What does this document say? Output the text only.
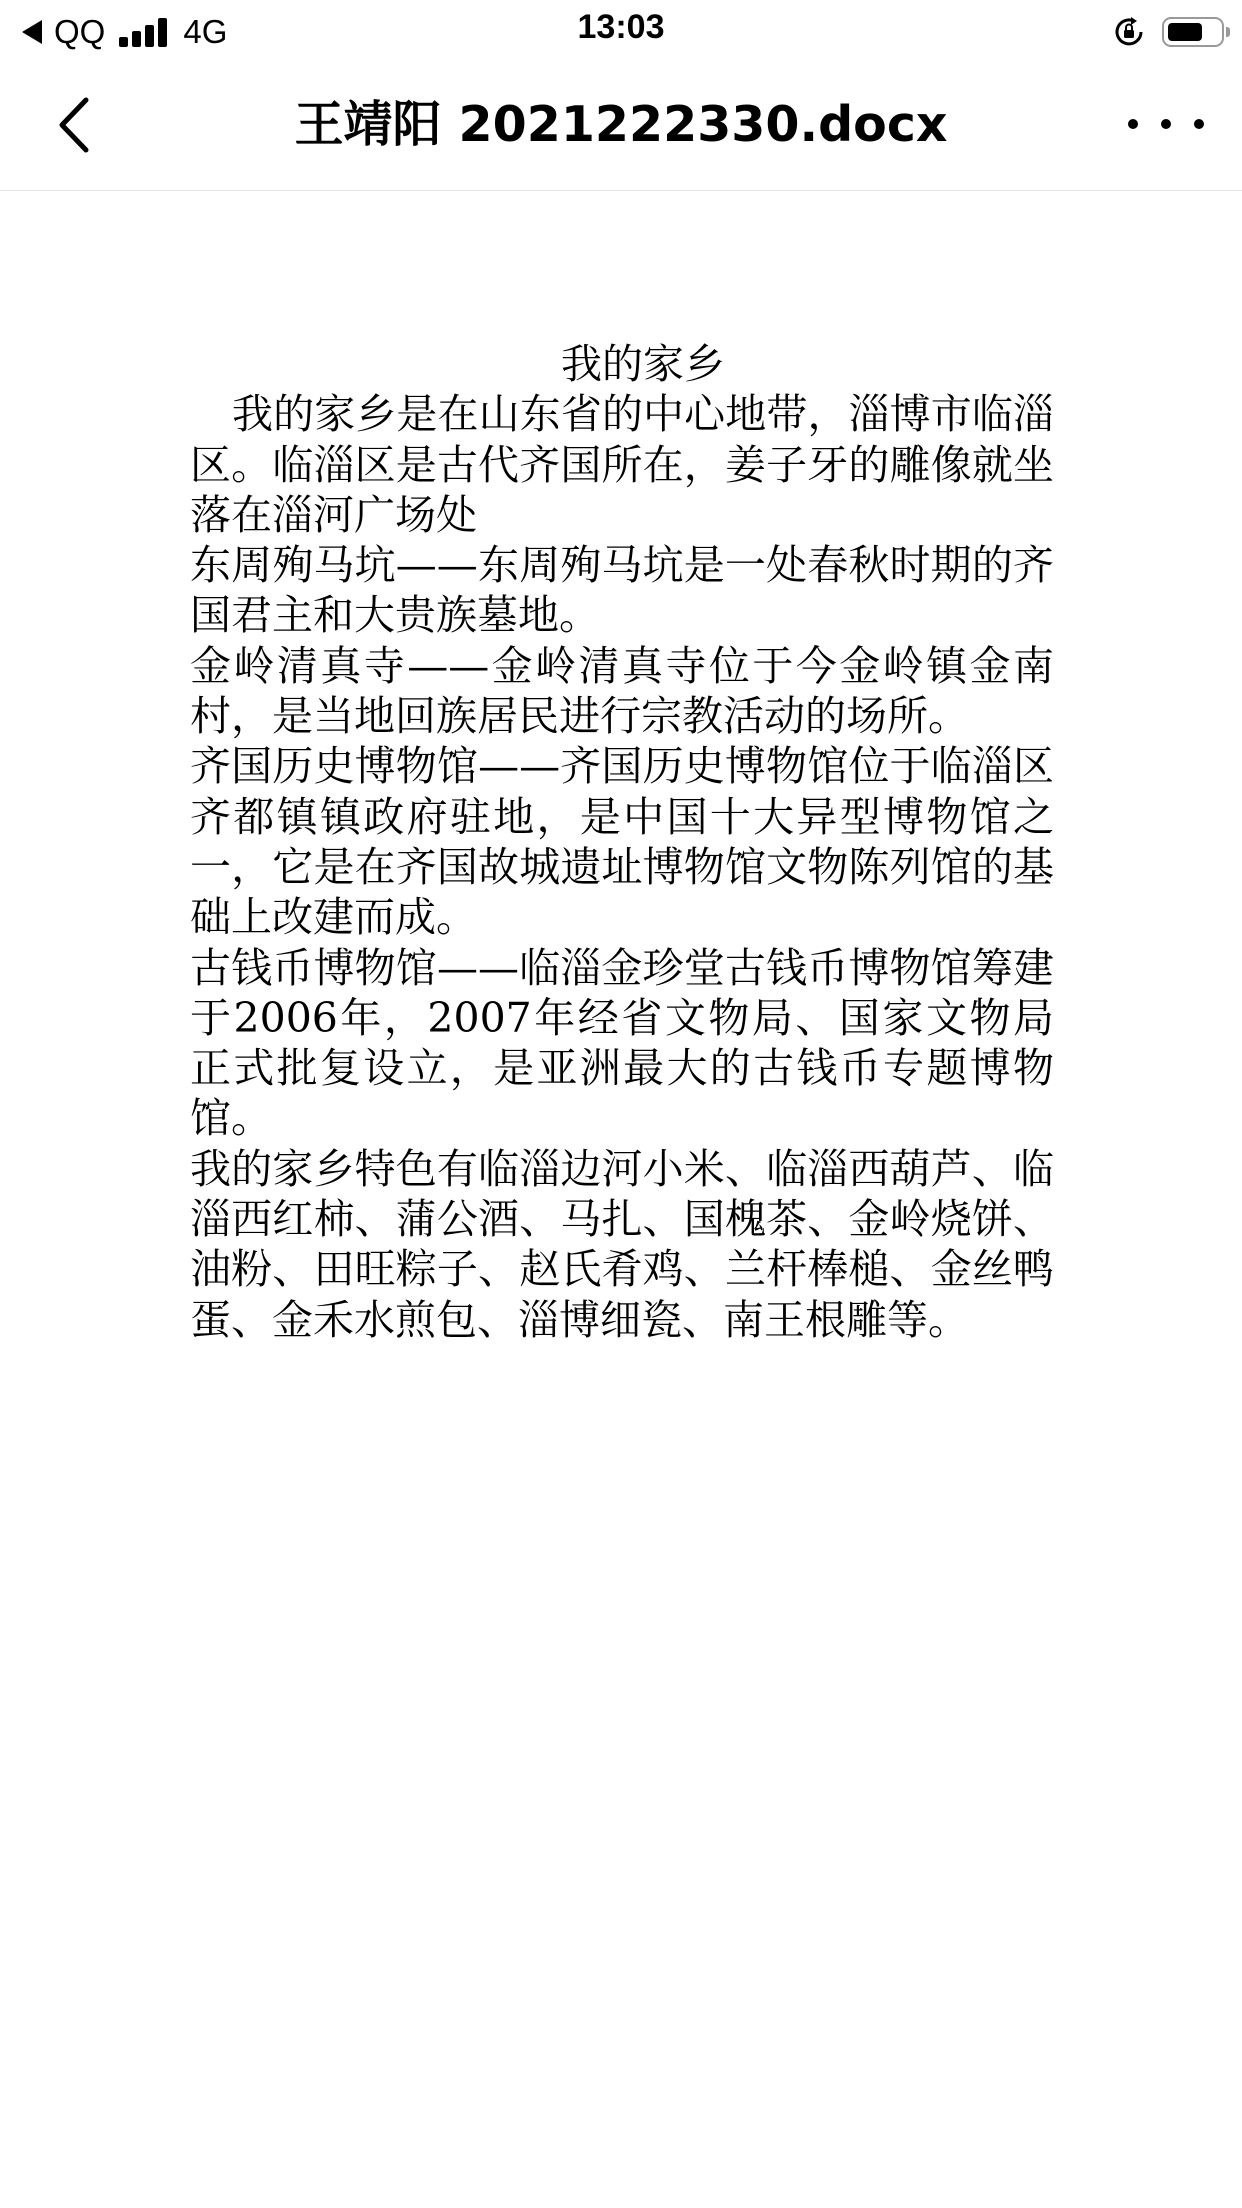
QQ 4G	13:03
王靖阳 2021222330.docx

我的家乡

我的家乡是在山东省的中心地带，淄博市临淄区。临淄区是古代齐国所在，姜子牙的雕像就坐落在淄河广场处

东周殉马坑——东周殉马坑是一处春秋时期的齐国君主和大贵族墓地。

金岭清真寺——金岭清真寺位于今金岭镇金南村，是当地回族居民进行宗教活动的场所。

齐国历史博物馆——齐国历史博物馆位于临淄区齐都镇镇政府驻地，是中国十大异型博物馆之一，它是在齐国故城遗址博物馆文物陈列馆的基础上改建而成。

古钱币博物馆——临淄金珍堂古钱币博物馆筹建于2006年，2007年经省文物局、国家文物局正式批复设立，是亚洲最大的古钱币专题博物馆。

我的家乡特色有临淄边河小米、临淄西葫芦、临淄西红柿、蒲公酒、马扎、国槐茶、金岭烧饼、油粉、田旺粽子、赵氏肴鸡、兰杆棒槌、金丝鸭蛋、金禾水煎包、淄博细瓷、南王根雕等。
